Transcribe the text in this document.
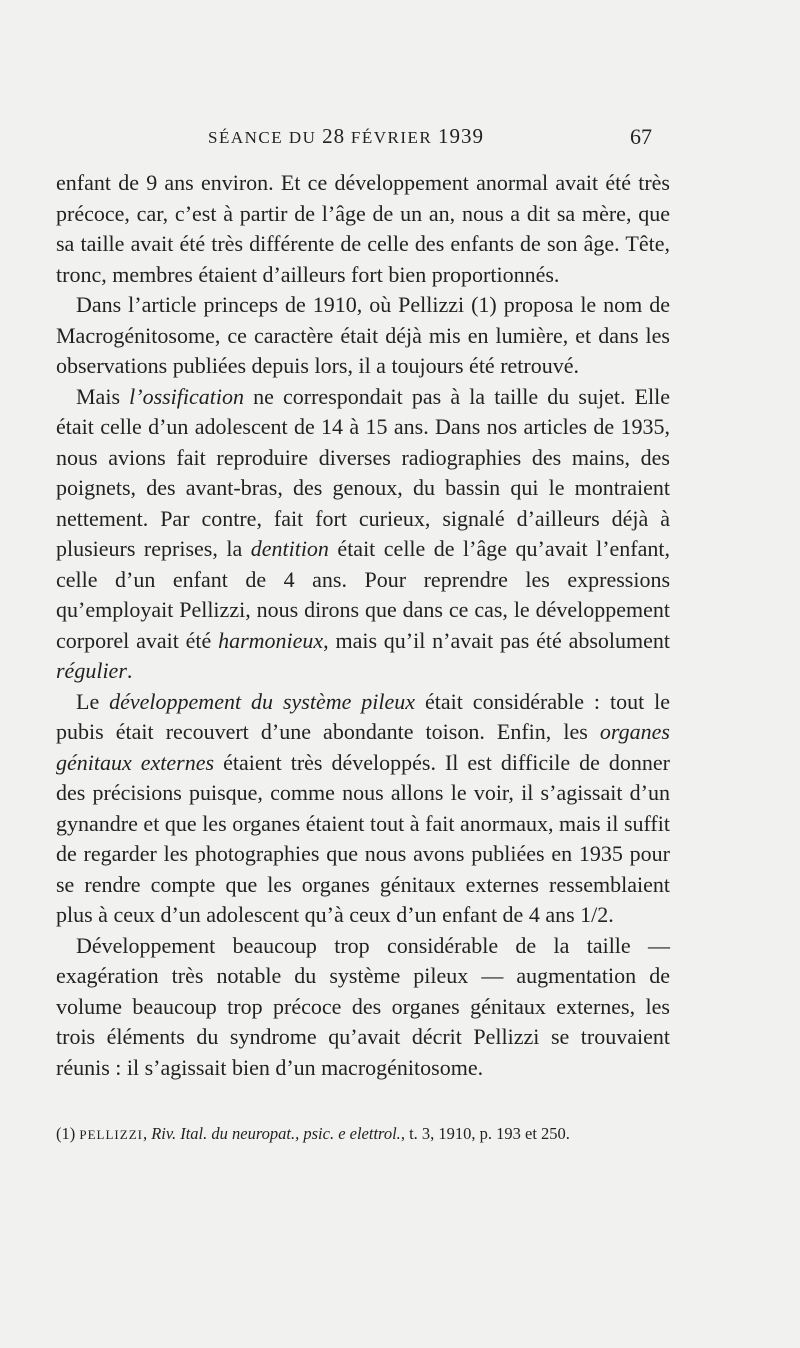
SÉANCE DU 28 FÉVRIER 1939	67

enfant de 9 ans environ. Et ce développement anormal avait été très précoce, car, c’est à partir de l’âge de un an, nous a dit sa mère, que sa taille avait été très différente de celle des enfants de son âge. Tête, tronc, membres étaient d’ailleurs fort bien proportionnés.

Dans l’article princeps de 1910, où Pellizzi (1) proposa le nom de Macrogénitosome, ce caractère était déjà mis en lumière, et dans les observations publiées depuis lors, il a toujours été retrouvé.

Mais l’ossification ne correspondait pas à la taille du sujet. Elle était celle d’un adolescent de 14 à 15 ans. Dans nos articles de 1935, nous avions fait reproduire diverses radiographies des mains, des poignets, des avant-bras, des genoux, du bassin qui le montraient nettement. Par contre, fait fort curieux, signalé d’ailleurs déjà à plusieurs reprises, la dentition était celle de l’âge qu’avait l’enfant, celle d’un enfant de 4 ans. Pour reprendre les expressions qu’employait Pellizzi, nous dirons que dans ce cas, le développement corporel avait été harmonieux, mais qu’il n’avait pas été absolument régulier.

Le développement du système pileux était considérable : tout le pubis était recouvert d’une abondante toison. Enfin, les organes génitaux externes étaient très développés. Il est difficile de donner des précisions puisque, comme nous allons le voir, il s’agissait d’un gynandre et que les organes étaient tout à fait anormaux, mais il suffit de regarder les photographies que nous avons publiées en 1935 pour se rendre compte que les organes génitaux externes ressemblaient plus à ceux d’un adolescent qu’à ceux d’un enfant de 4 ans 1/2.

Développement beaucoup trop considérable de la taille — exagération très notable du système pileux — augmentation de volume beaucoup trop précoce des organes génitaux externes, les trois éléments du syndrome qu’avait décrit Pellizzi se trouvaient réunis : il s’agissait bien d’un macrogénitosome.

(1) PELLIZZI, Riv. Ital. du neuropat., psic. e elettrol., t. 3, 1910, p. 193 et 250.
